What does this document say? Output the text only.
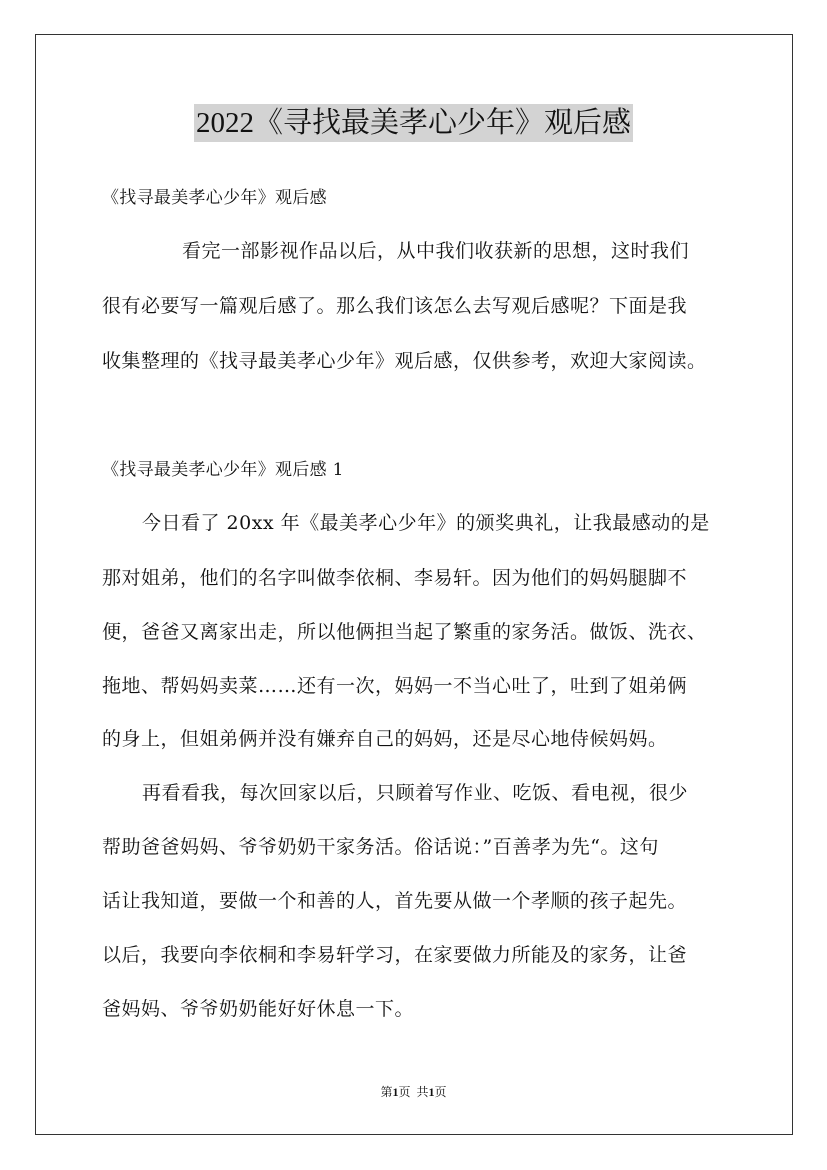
2022《寻找最美孝心少年》观后感
《找寻最美孝心少年》观后感
看完一部影视作品以后，从中我们收获新的思想，这时我们
很有必要写一篇观后感了。那么我们该怎么去写观后感呢？下面是我
收集整理的《找寻最美孝心少年》观后感，仅供参考，欢迎大家阅读。
《找寻最美孝心少年》观后感 1
今日看了 20xx 年《最美孝心少年》的颁奖典礼，让我最感动的是
那对姐弟，他们的名字叫做李依桐、李易轩。因为他们的妈妈腿脚不
便，爸爸又离家出走，所以他俩担当起了繁重的家务活。做饭、洗衣、
拖地、帮妈妈卖菜……还有一次，妈妈一不当心吐了，吐到了姐弟俩
的身上，但姐弟俩并没有嫌弃自己的妈妈，还是尽心地侍候妈妈。
再看看我，每次回家以后，只顾着写作业、吃饭、看电视，很少
帮助爸爸妈妈、爷爷奶奶干家务活。俗话说：”百善孝为先“。这句
话让我知道，要做一个和善的人，首先要从做一个孝顺的孩子起先。
以后，我要向李依桐和李易轩学习，在家要做力所能及的家务，让爸
爸妈妈、爷爷奶奶能好好休息一下。
第1页 共1页
